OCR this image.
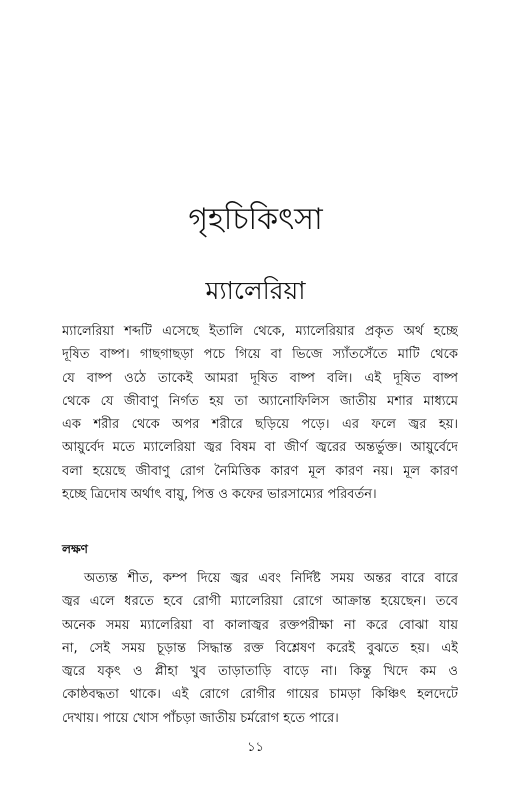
গৃহচিকিৎসা
ম্যালেরিয়া
ম্যালেরিয়া শব্দটি এসেছে ইতালি থেকে, ম্যালেরিয়ার প্রকৃত অর্থ হচ্ছে
দূষিত বাষ্প। গাছগাছড়া পচে গিয়ে বা ভিজে স্যাঁতসেঁতে মাটি থেকে
যে বাষ্প ওঠে তাকেই আমরা দূষিত বাষ্প বলি। এই দূষিত বাষ্প
থেকে যে জীবাণু নির্গত হয় তা অ্যানোফিলিস জাতীয় মশার মাধ্যমে
এক শরীর থেকে অপর শরীরে ছড়িয়ে পড়ে। এর ফলে জ্বর হয়।
আয়ুর্বেদ মতে ম্যালেরিয়া জ্বর বিষম বা জীর্ণ জ্বরের অন্তর্ভুক্ত। আয়ুর্বেদে
বলা হয়েছে জীবাণু রোগ নৈমিত্তিক কারণ মূল কারণ নয়। মূল কারণ
হচ্ছে ত্রিদোষ অর্থাৎ বায়ু, পিত্ত ও কফের ভারসাম্যের পরিবর্তন।
লক্ষণ
অত্যন্ত শীত, কম্প দিয়ে জ্বর এবং নির্দিষ্ট সময় অন্তর বারে বারে
জ্বর এলে ধরতে হবে রোগী ম্যালেরিয়া রোগে আক্রান্ত হয়েছেন। তবে
অনেক সময় ম্যালেরিয়া বা কালাজ্বর রক্তপরীক্ষা না করে বোঝা যায়
না, সেই সময় চূড়ান্ত সিদ্ধান্ত রক্ত বিশ্লেষণ করেই বুঝতে হয়। এই
জ্বরে যকৃৎ ও প্লীহা খুব তাড়াতাড়ি বাড়ে না। কিন্তু খিদে কম ও
কোষ্ঠবদ্ধতা থাকে। এই রোগে রোগীর গায়ের চামড়া কিঞ্চিৎ হলদেটে
দেখায়। পায়ে খোস পাঁচড়া জাতীয় চর্মরোগ হতে পারে।
১১
